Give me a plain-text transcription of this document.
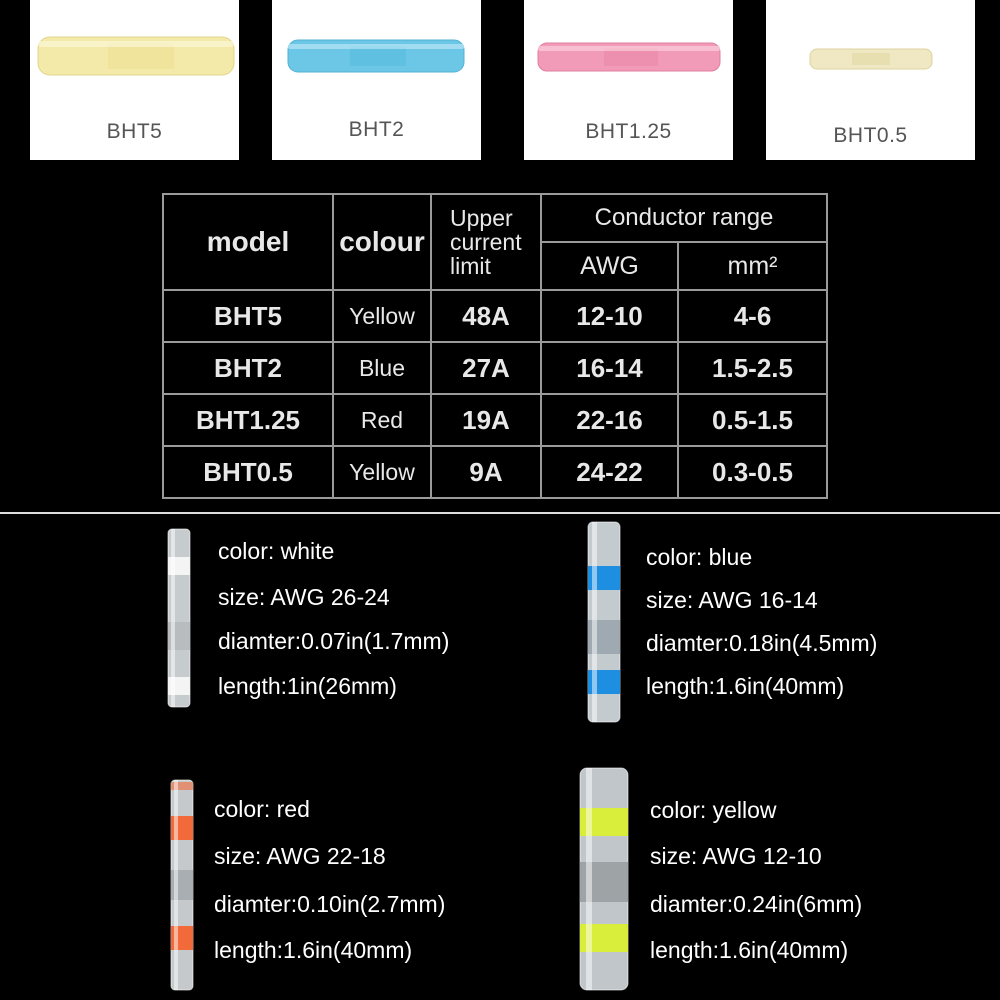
BHT5	BHT2	BHT1.25	BHT0.5
model	colour	Upper
current
limit	Conductor range	
			AWG	mm²
BHT5	Yellow	48A	12-10	4-6
BHT2	Blue	27A	16-14	1.5-2.5
BHT1.25	Red	19A	22-16	0.5-1.5
BHT0.5	Yellow	9A	24-22	0.3-0.5
color: white
size: AWG 26-24
diamter:0.07in(1.7mm)
length:1in(26mm)
color: blue
size: AWG 16-14
diamter:0.18in(4.5mm)
length:1.6in(40mm)
color: red
size: AWG 22-18
diamter:0.10in(2.7mm)
length:1.6in(40mm)
color: yellow
size: AWG 12-10
diamter:0.24in(6mm)
length:1.6in(40mm)
